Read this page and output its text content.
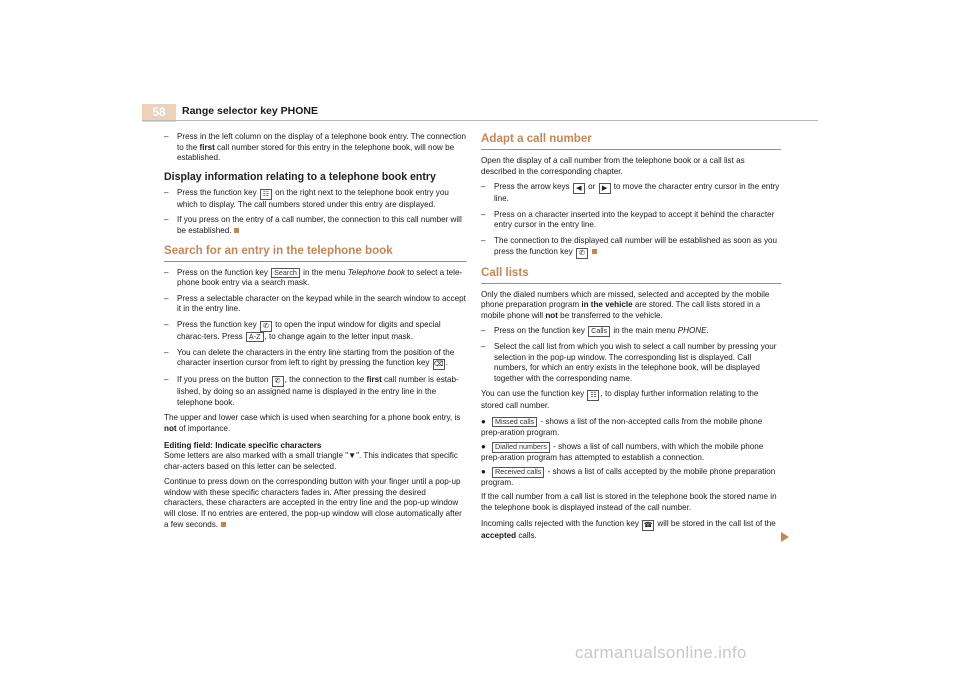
58	Range selector key PHONE
– Press in the left column on the display of a telephone book entry. The connection to the first call number stored for this entry in the telephone book, will now be established.
Display information relating to a telephone book entry
– Press the function key ☷ on the right next to the telephone book entry you which to display. The call numbers stored under this entry are displayed.
– If you press on the entry of a call number, the connection to this call number will be established.
Search for an entry in the telephone book
– Press on the function key Search in the menu Telephone book to select a tele-phone book entry via a search mask.
– Press a selectable character on the keypad while in the search window to accept it in the entry line.
– Press the function key ✆ to open the input window for digits and special charac-ters. Press A-Z , to change again to the letter input mask.
– You can delete the characters in the entry line starting from the position of the character insertion cursor from left to right by pressing the function key ⌫ .
– If you press on the button ✆ , the connection to the first call number is estab-lished, by doing so an assigned name is displayed in the entry line in the telephone book.

The upper and lower case which is used when searching for a phone book entry, is not of importance.

Editing field: Indicate specific characters

Some letters are also marked with a small triangle "▼". This indicates that specific char-acters based on this letter can be selected.

Continue to press down on the corresponding button with your finger until a pop-up window with these specific characters fades in. After pressing the desired characters, these characters are accepted in the entry line and the pop-up window will close. If no entries are entered, the pop-up window will close automatically after a few seconds.

Adapt a call number

Open the display of a call number from the telephone book or a call list as described in the corresponding chapter.

– Press the arrow keys ◀ or ▶ to move the character entry cursor in the entry line.
– Press on a character inserted into the keypad to accept it behind the character entry cursor in the entry line.
– The connection to the displayed call number will be established as soon as you press the function key ✆
Call lists

Only the dialed numbers which are missed, selected and accepted by the mobile phone preparation program in the vehicle are stored. The call lists stored in a mobile phone will not be transferred to the vehicle.

– Press on the function key Calls in the main menu PHONE.
– Select the call list from which you wish to select a call number by pressing your selection in the pop-up window. The corresponding list is displayed. Call numbers, for which an entry exists in the telephone book, will be displayed together with the corresponding name.

You can use the function key ☷ , to display further information relating to the stored call number.

● Missed calls - shows a list of the non-accepted calls from the mobile phone prep-aration program.
● Dialled numbers - shows a list of call numbers, with which the mobile phone prep-aration program has attempted to establish a connection.
● Received calls - shows a list of calls accepted by the mobile phone preparation program.

If the call number from a call list is stored in the telephone book the stored name in the telephone book is displayed instead of the call number.

Incoming calls rejected with the function key ☎ will be stored in the call list of the accepted calls.

carmanualsonline.info
